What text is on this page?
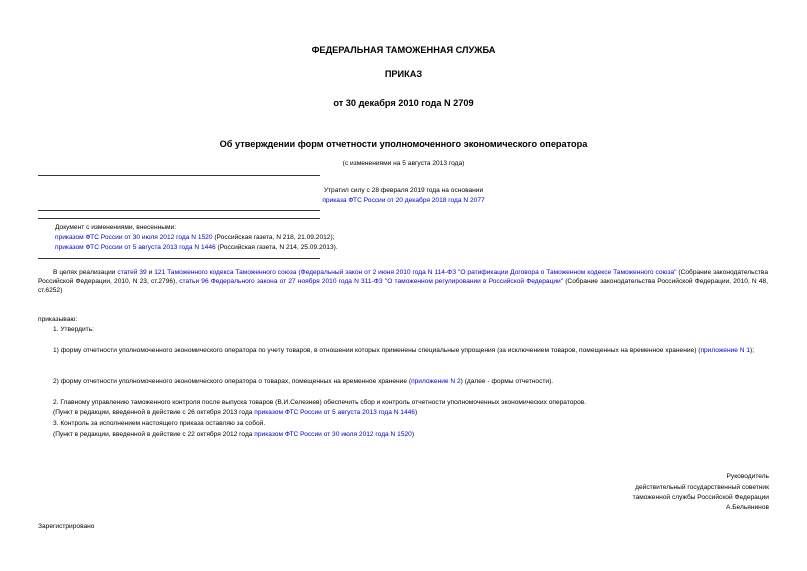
ФЕДЕРАЛЬНАЯ ТАМОЖЕННАЯ СЛУЖБА
ПРИКАЗ
от 30 декабря 2010 года N 2709
Об утверждении форм отчетности уполномоченного экономического оператора
(с изменениями на 5 августа 2013 года)
Утратил силу с 28 февраля 2019 года на основании
приказа ФТС России от 20 декабря 2018 года N 2077
Документ с изменениями, внесенными:
приказом ФТС России от 30 июля 2012 года N 1520 (Российская газета, N 218, 21.09.2012);
приказом ФТС России от 5 августа 2013 года N 1446 (Российская газета, N 214, 25.09.2013).
В целях реализации статей 39 и 121 Таможенного кодекса Таможенного союза (Федеральный закон от 2 июня 2010 года N 114-ФЗ "О ратификации Договора о Таможенном кодексе Таможенного союза" (Собрание законодательства Российской Федерации, 2010, N 23, ст.2796), статьи 96 Федерального закона от 27 ноября 2010 года N 311-ФЗ "О таможенном регулировании в Российской Федерации" (Собрание законодательства Российской Федерации, 2010, N 48, ст.6252)
приказываю:
1. Утвердить:
1) форму отчетности уполномоченного экономического оператора по учету товаров, в отношении которых применены специальные упрощения (за исключением товаров, помещенных на временное хранение) (приложение N 1);
2) форму отчетности уполномоченного экономического оператора о товарах, помещенных на временное хранение (приложение N 2) (далее - формы отчетности).
2. Главному управлению таможенного контроля после выпуска товаров (В.И.Селезнев) обеспечить сбор и контроль отчетности уполномоченных экономических операторов.
(Пункт в редакции, введенной в действие с 26 октября 2013 года приказом ФТС России от 5 августа 2013 года N 1446)
3. Контроль за исполнением настоящего приказа оставляю за собой.
(Пункт в редакции, введенной в действие с 22 октября 2012 года приказом ФТС России от 30 июля 2012 года N 1520)
Руководитель
действительный государственный советник
таможенной службы Российской Федерации
А.Бельянинов
Зарегистрировано
